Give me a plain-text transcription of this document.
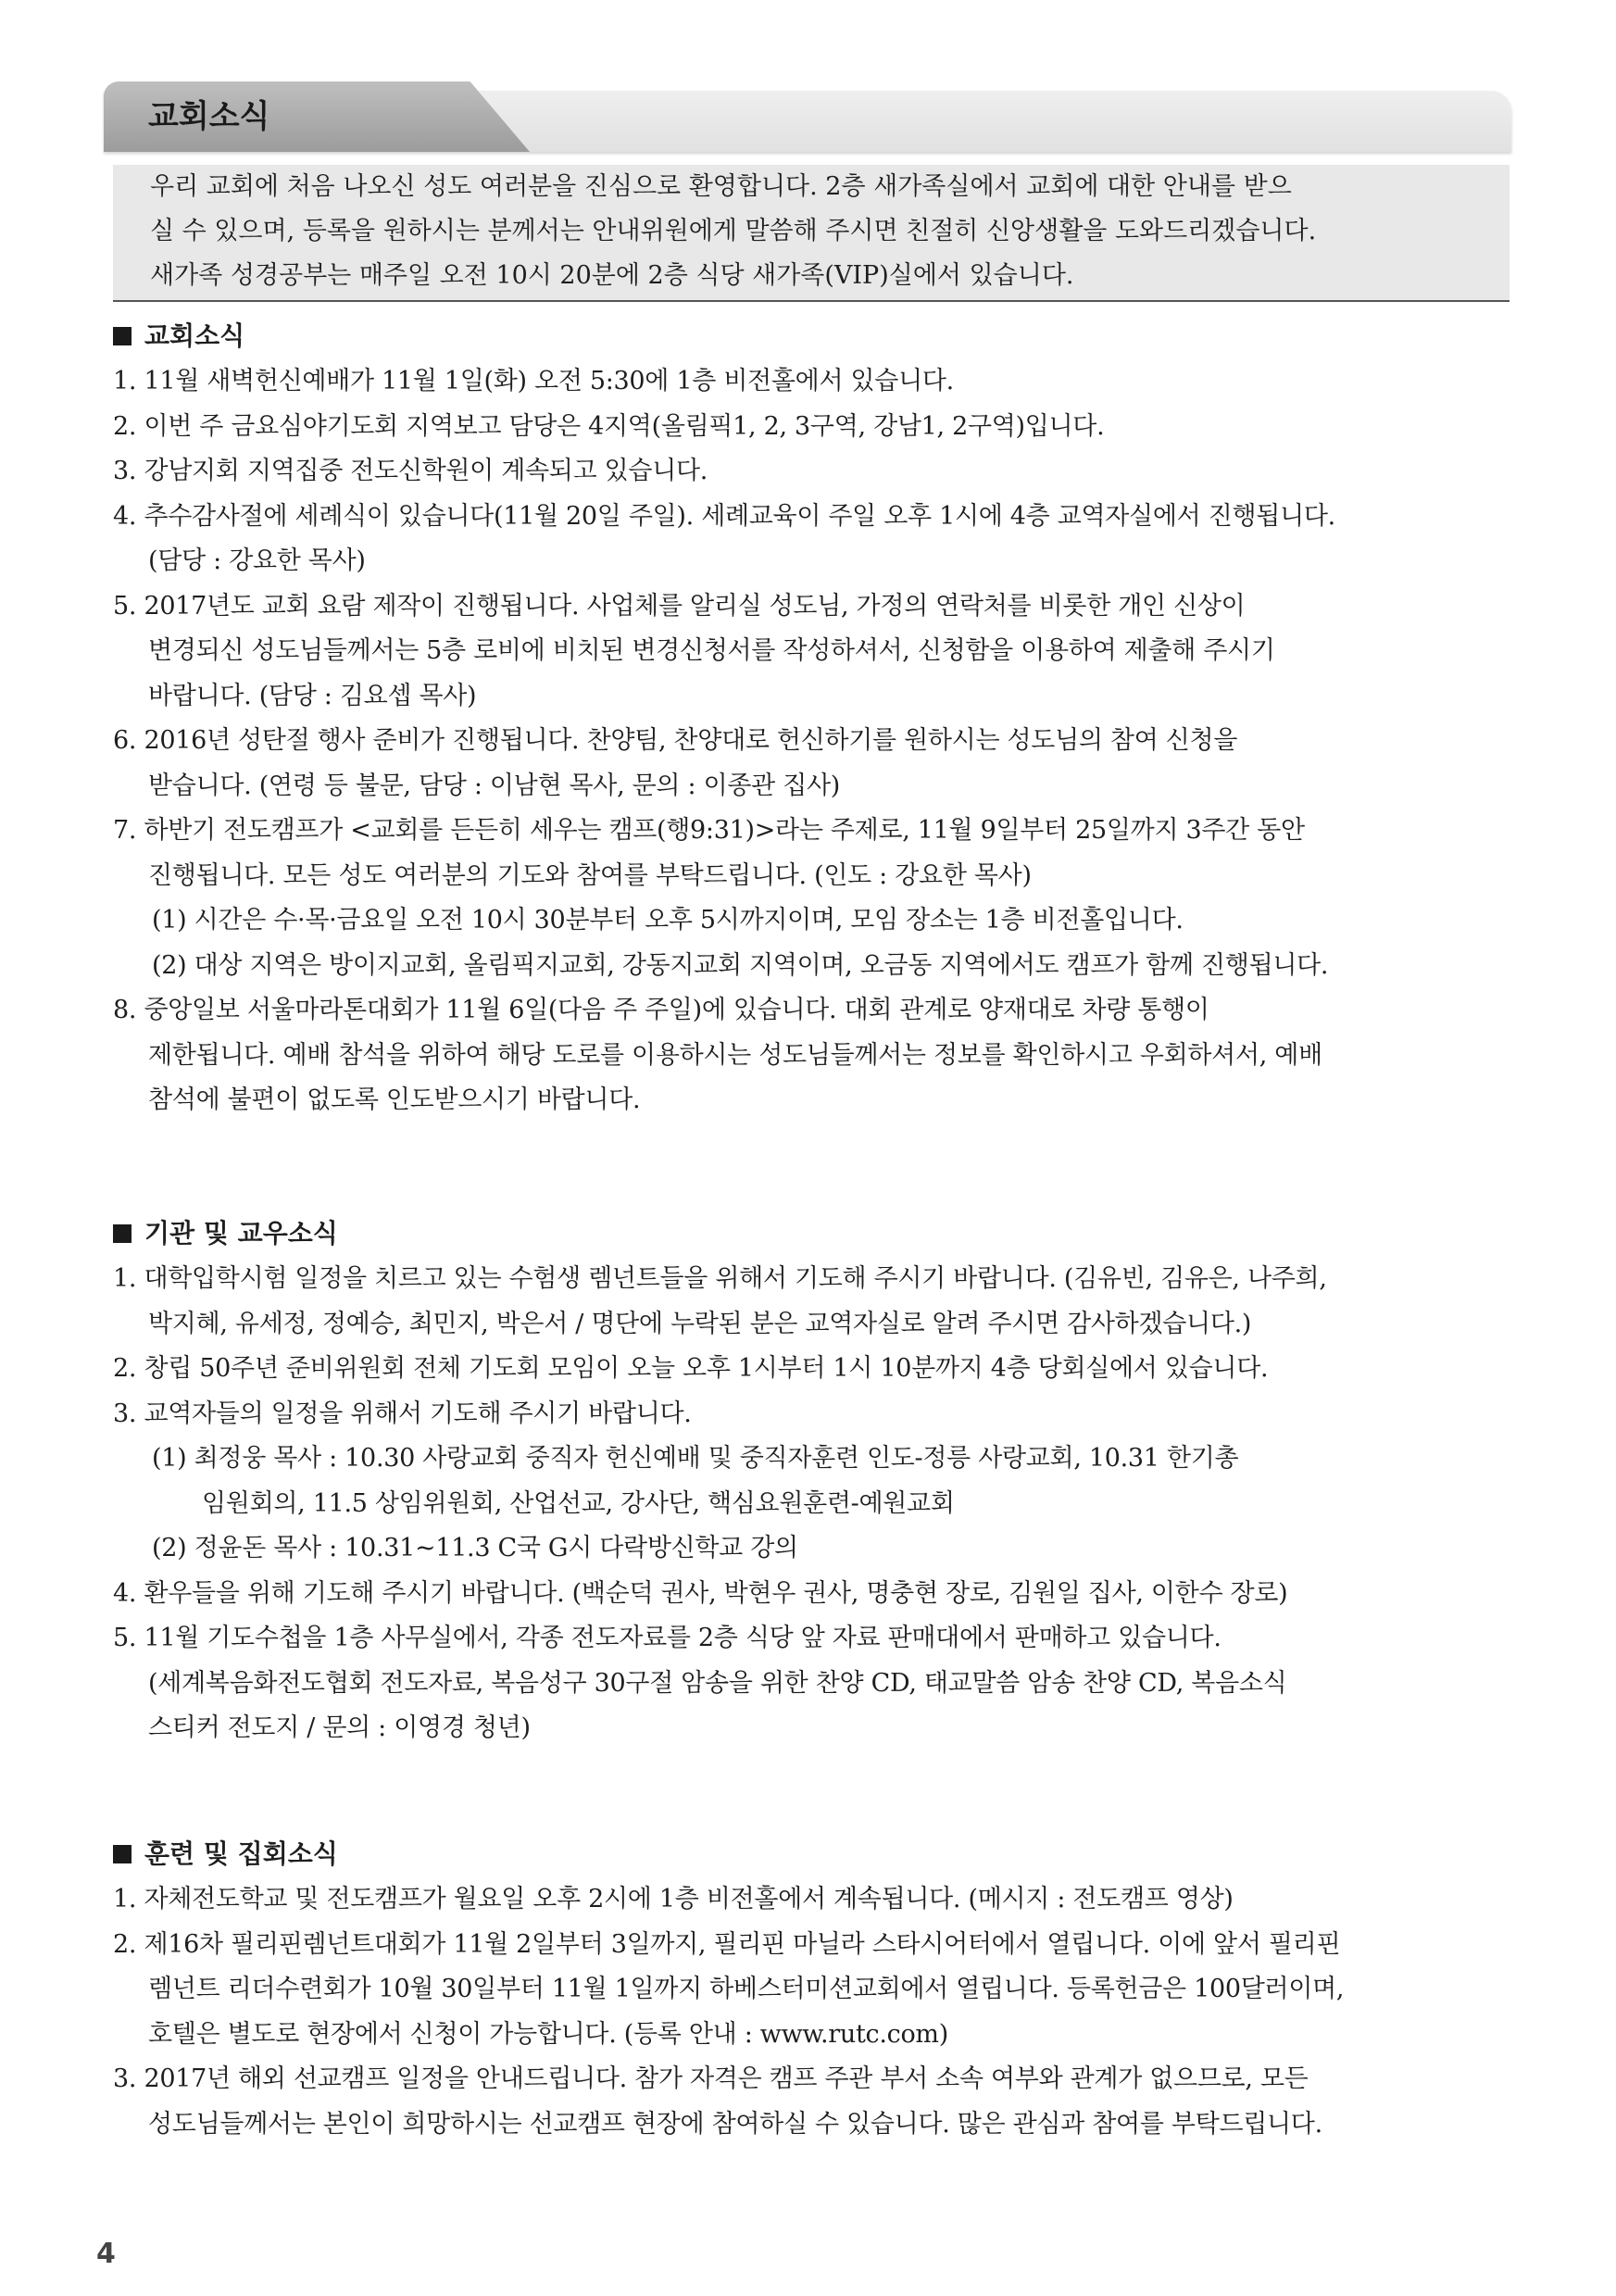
교회소식
우리 교회에 처음 나오신 성도 여러분을 진심으로 환영합니다. 2층 새가족실에서 교회에 대한 안내를 받으
실 수 있으며, 등록을 원하시는 분께서는 안내위원에게 말씀해 주시면 친절히 신앙생활을 도와드리겠습니다.
새가족 성경공부는 매주일 오전 10시 20분에 2층 식당 새가족(VIP)실에서 있습니다.
교회소식
1. 11월 새벽헌신예배가 11월 1일(화) 오전 5:30에 1층 비전홀에서 있습니다.
2. 이번 주 금요심야기도회 지역보고 담당은 4지역(올림픽1, 2, 3구역, 강남1, 2구역)입니다.
3. 강남지회 지역집중 전도신학원이 계속되고 있습니다.
4. 추수감사절에 세례식이 있습니다(11월 20일 주일). 세례교육이 주일 오후 1시에 4층 교역자실에서 진행됩니다.
(담당 : 강요한 목사)
5. 2017년도 교회 요람 제작이 진행됩니다. 사업체를 알리실 성도님, 가정의 연락처를 비롯한 개인 신상이
변경되신 성도님들께서는 5층 로비에 비치된 변경신청서를 작성하셔서, 신청함을 이용하여 제출해 주시기
바랍니다. (담당 : 김요셉 목사)
6. 2016년 성탄절 행사 준비가 진행됩니다. 찬양팀, 찬양대로 헌신하기를 원하시는 성도님의 참여 신청을
받습니다. (연령 등 불문, 담당 : 이남현 목사, 문의 : 이종관 집사)
7. 하반기 전도캠프가 <교회를 든든히 세우는 캠프(행9:31)>라는 주제로, 11월 9일부터 25일까지 3주간 동안
진행됩니다. 모든 성도 여러분의 기도와 참여를 부탁드립니다. (인도 : 강요한 목사)
(1) 시간은 수·목·금요일 오전 10시 30분부터 오후 5시까지이며, 모임 장소는 1층 비전홀입니다.
(2) 대상 지역은 방이지교회, 올림픽지교회, 강동지교회 지역이며, 오금동 지역에서도 캠프가 함께 진행됩니다.
8. 중앙일보 서울마라톤대회가 11월 6일(다음 주 주일)에 있습니다. 대회 관계로 양재대로 차량 통행이
제한됩니다. 예배 참석을 위하여 해당 도로를 이용하시는 성도님들께서는 정보를 확인하시고 우회하셔서, 예배
참석에 불편이 없도록 인도받으시기 바랍니다.
기관 및 교우소식
1. 대학입학시험 일정을 치르고 있는 수험생 렘넌트들을 위해서 기도해 주시기 바랍니다. (김유빈, 김유은, 나주희,
박지혜, 유세정, 정예승, 최민지, 박은서 / 명단에 누락된 분은 교역자실로 알려 주시면 감사하겠습니다.)
2. 창립 50주년 준비위원회 전체 기도회 모임이 오늘 오후 1시부터 1시 10분까지 4층 당회실에서 있습니다.
3. 교역자들의 일정을 위해서 기도해 주시기 바랍니다.
(1) 최정웅 목사 : 10.30 사랑교회 중직자 헌신예배 및 중직자훈련 인도-정릉 사랑교회, 10.31 한기총
임원회의, 11.5 상임위원회, 산업선교, 강사단, 핵심요원훈련-예원교회
(2) 정윤돈 목사 : 10.31~11.3 C국 G시 다락방신학교 강의
4. 환우들을 위해 기도해 주시기 바랍니다. (백순덕 권사, 박현우 권사, 명충현 장로, 김원일 집사, 이한수 장로)
5. 11월 기도수첩을 1층 사무실에서, 각종 전도자료를 2층 식당 앞 자료 판매대에서 판매하고 있습니다.
(세계복음화전도협회 전도자료, 복음성구 30구절 암송을 위한 찬양 CD, 태교말씀 암송 찬양 CD, 복음소식
스티커 전도지 / 문의 : 이영경 청년)
훈련 및 집회소식
1. 자체전도학교 및 전도캠프가 월요일 오후 2시에 1층 비전홀에서 계속됩니다. (메시지 : 전도캠프 영상)
2. 제16차 필리핀렘넌트대회가 11월 2일부터 3일까지, 필리핀 마닐라 스타시어터에서 열립니다. 이에 앞서 필리핀
렘넌트 리더수련회가 10월 30일부터 11월 1일까지 하베스터미션교회에서 열립니다. 등록헌금은 100달러이며,
호텔은 별도로 현장에서 신청이 가능합니다. (등록 안내 : www.rutc.com)
3. 2017년 해외 선교캠프 일정을 안내드립니다. 참가 자격은 캠프 주관 부서 소속 여부와 관계가 없으므로, 모든
성도님들께서는 본인이 희망하시는 선교캠프 현장에 참여하실 수 있습니다. 많은 관심과 참여를 부탁드립니다.
4
